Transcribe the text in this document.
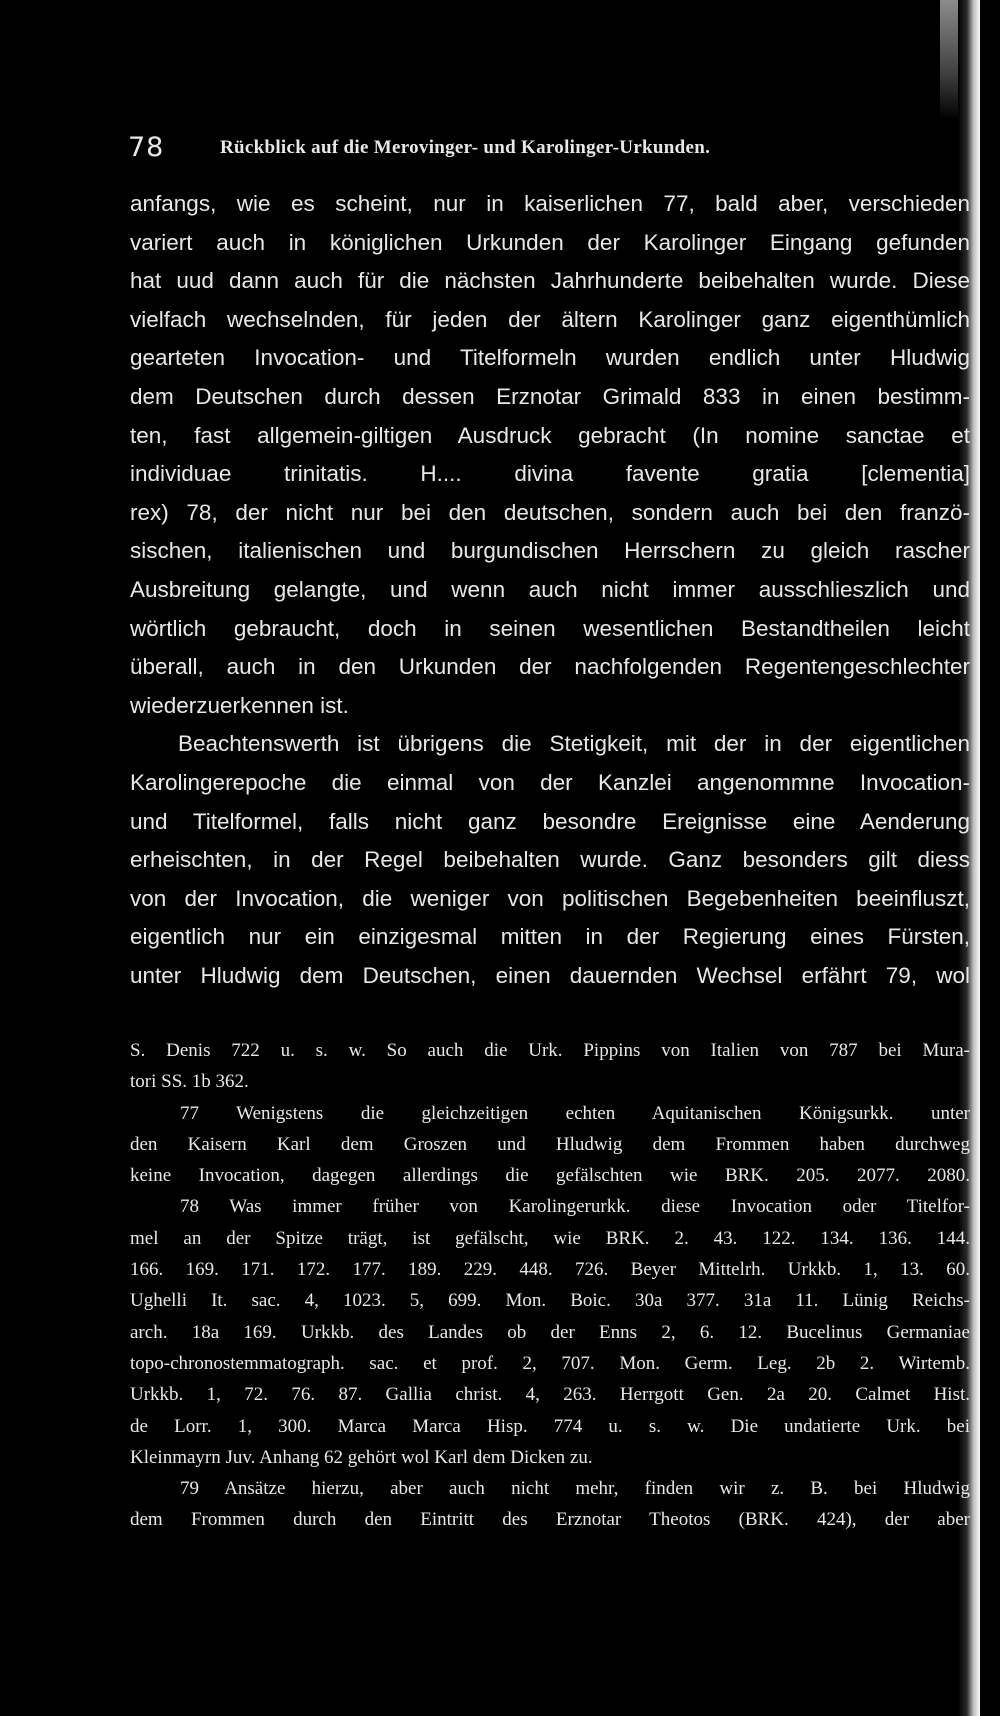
78	Rückblick auf die Merovinger- und Karolinger-Urkunden.
anfangs, wie es scheint, nur in kaiserlichen 77, bald aber, verschieden
variert auch in königlichen Urkunden der Karolinger Eingang gefunden
hat uud dann auch für die nächsten Jahrhunderte beibehalten wurde. Diese
vielfach wechselnden, für jeden der ältern Karolinger ganz eigenthümlich
gearteten Invocation- und Titelformeln wurden endlich unter Hludwig
dem Deutschen durch dessen Erznotar Grimald 833 in einen bestimm-
ten, fast allgemein-giltigen Ausdruck gebracht (In nomine sanctae et
individuae trinitatis. H.... divina favente gratia [clementia]
rex) 78, der nicht nur bei den deutschen, sondern auch bei den franzö-
sischen, italienischen und burgundischen Herrschern zu gleich rascher
Ausbreitung gelangte, und wenn auch nicht immer ausschlieszlich und
wörtlich gebraucht, doch in seinen wesentlichen Bestandtheilen leicht
überall, auch in den Urkunden der nachfolgenden Regentengeschlechter
wiederzuerkennen ist.
Beachtenswerth ist übrigens die Stetigkeit, mit der in der eigentlichen
Karolingerepoche die einmal von der Kanzlei angenommne Invocation-
und Titelformel, falls nicht ganz besondre Ereignisse eine Aenderung
erheischten, in der Regel beibehalten wurde. Ganz besonders gilt diess
von der Invocation, die weniger von politischen Begebenheiten beeinfluszt,
eigentlich nur ein einzigesmal mitten in der Regierung eines Fürsten,
unter Hludwig dem Deutschen, einen dauernden Wechsel erfährt 79, wol
S. Denis 722 u. s. w. So auch die Urk. Pippins von Italien von 787 bei Mura-
tori SS. 1b 362.
77 Wenigstens die gleichzeitigen echten Aquitanischen Königsurkk. unter
den Kaisern Karl dem Groszen und Hludwig dem Frommen haben durchweg
keine Invocation, dagegen allerdings die gefälschten wie BRK. 205. 2077. 2080.
78 Was immer früher von Karolingerurkk. diese Invocation oder Titelfor-
mel an der Spitze trägt, ist gefälscht, wie BRK. 2. 43. 122. 134. 136. 144.
166. 169. 171. 172. 177. 189. 229. 448. 726. Beyer Mittelrh. Urkkb. 1, 13. 60.
Ughelli It. sac. 4, 1023. 5, 699. Mon. Boic. 30a 377. 31a 11. Lünig Reichs-
arch. 18a 169. Urkkb. des Landes ob der Enns 2, 6. 12. Bucelinus Germaniae
topo-chronostemmatograph. sac. et prof. 2, 707. Mon. Germ. Leg. 2b 2. Wirtemb.
Urkkb. 1, 72. 76. 87. Gallia christ. 4, 263. Herrgott Gen. 2a 20. Calmet Hist.
de Lorr. 1, 300. Marca Marca Hisp. 774 u. s. w. Die undatierte Urk. bei
Kleinmayrn Juv. Anhang 62 gehört wol Karl dem Dicken zu.
79 Ansätze hierzu, aber auch nicht mehr, finden wir z. B. bei Hludwig
dem Frommen durch den Eintritt des Erznotar Theotos (BRK. 424), der aber
